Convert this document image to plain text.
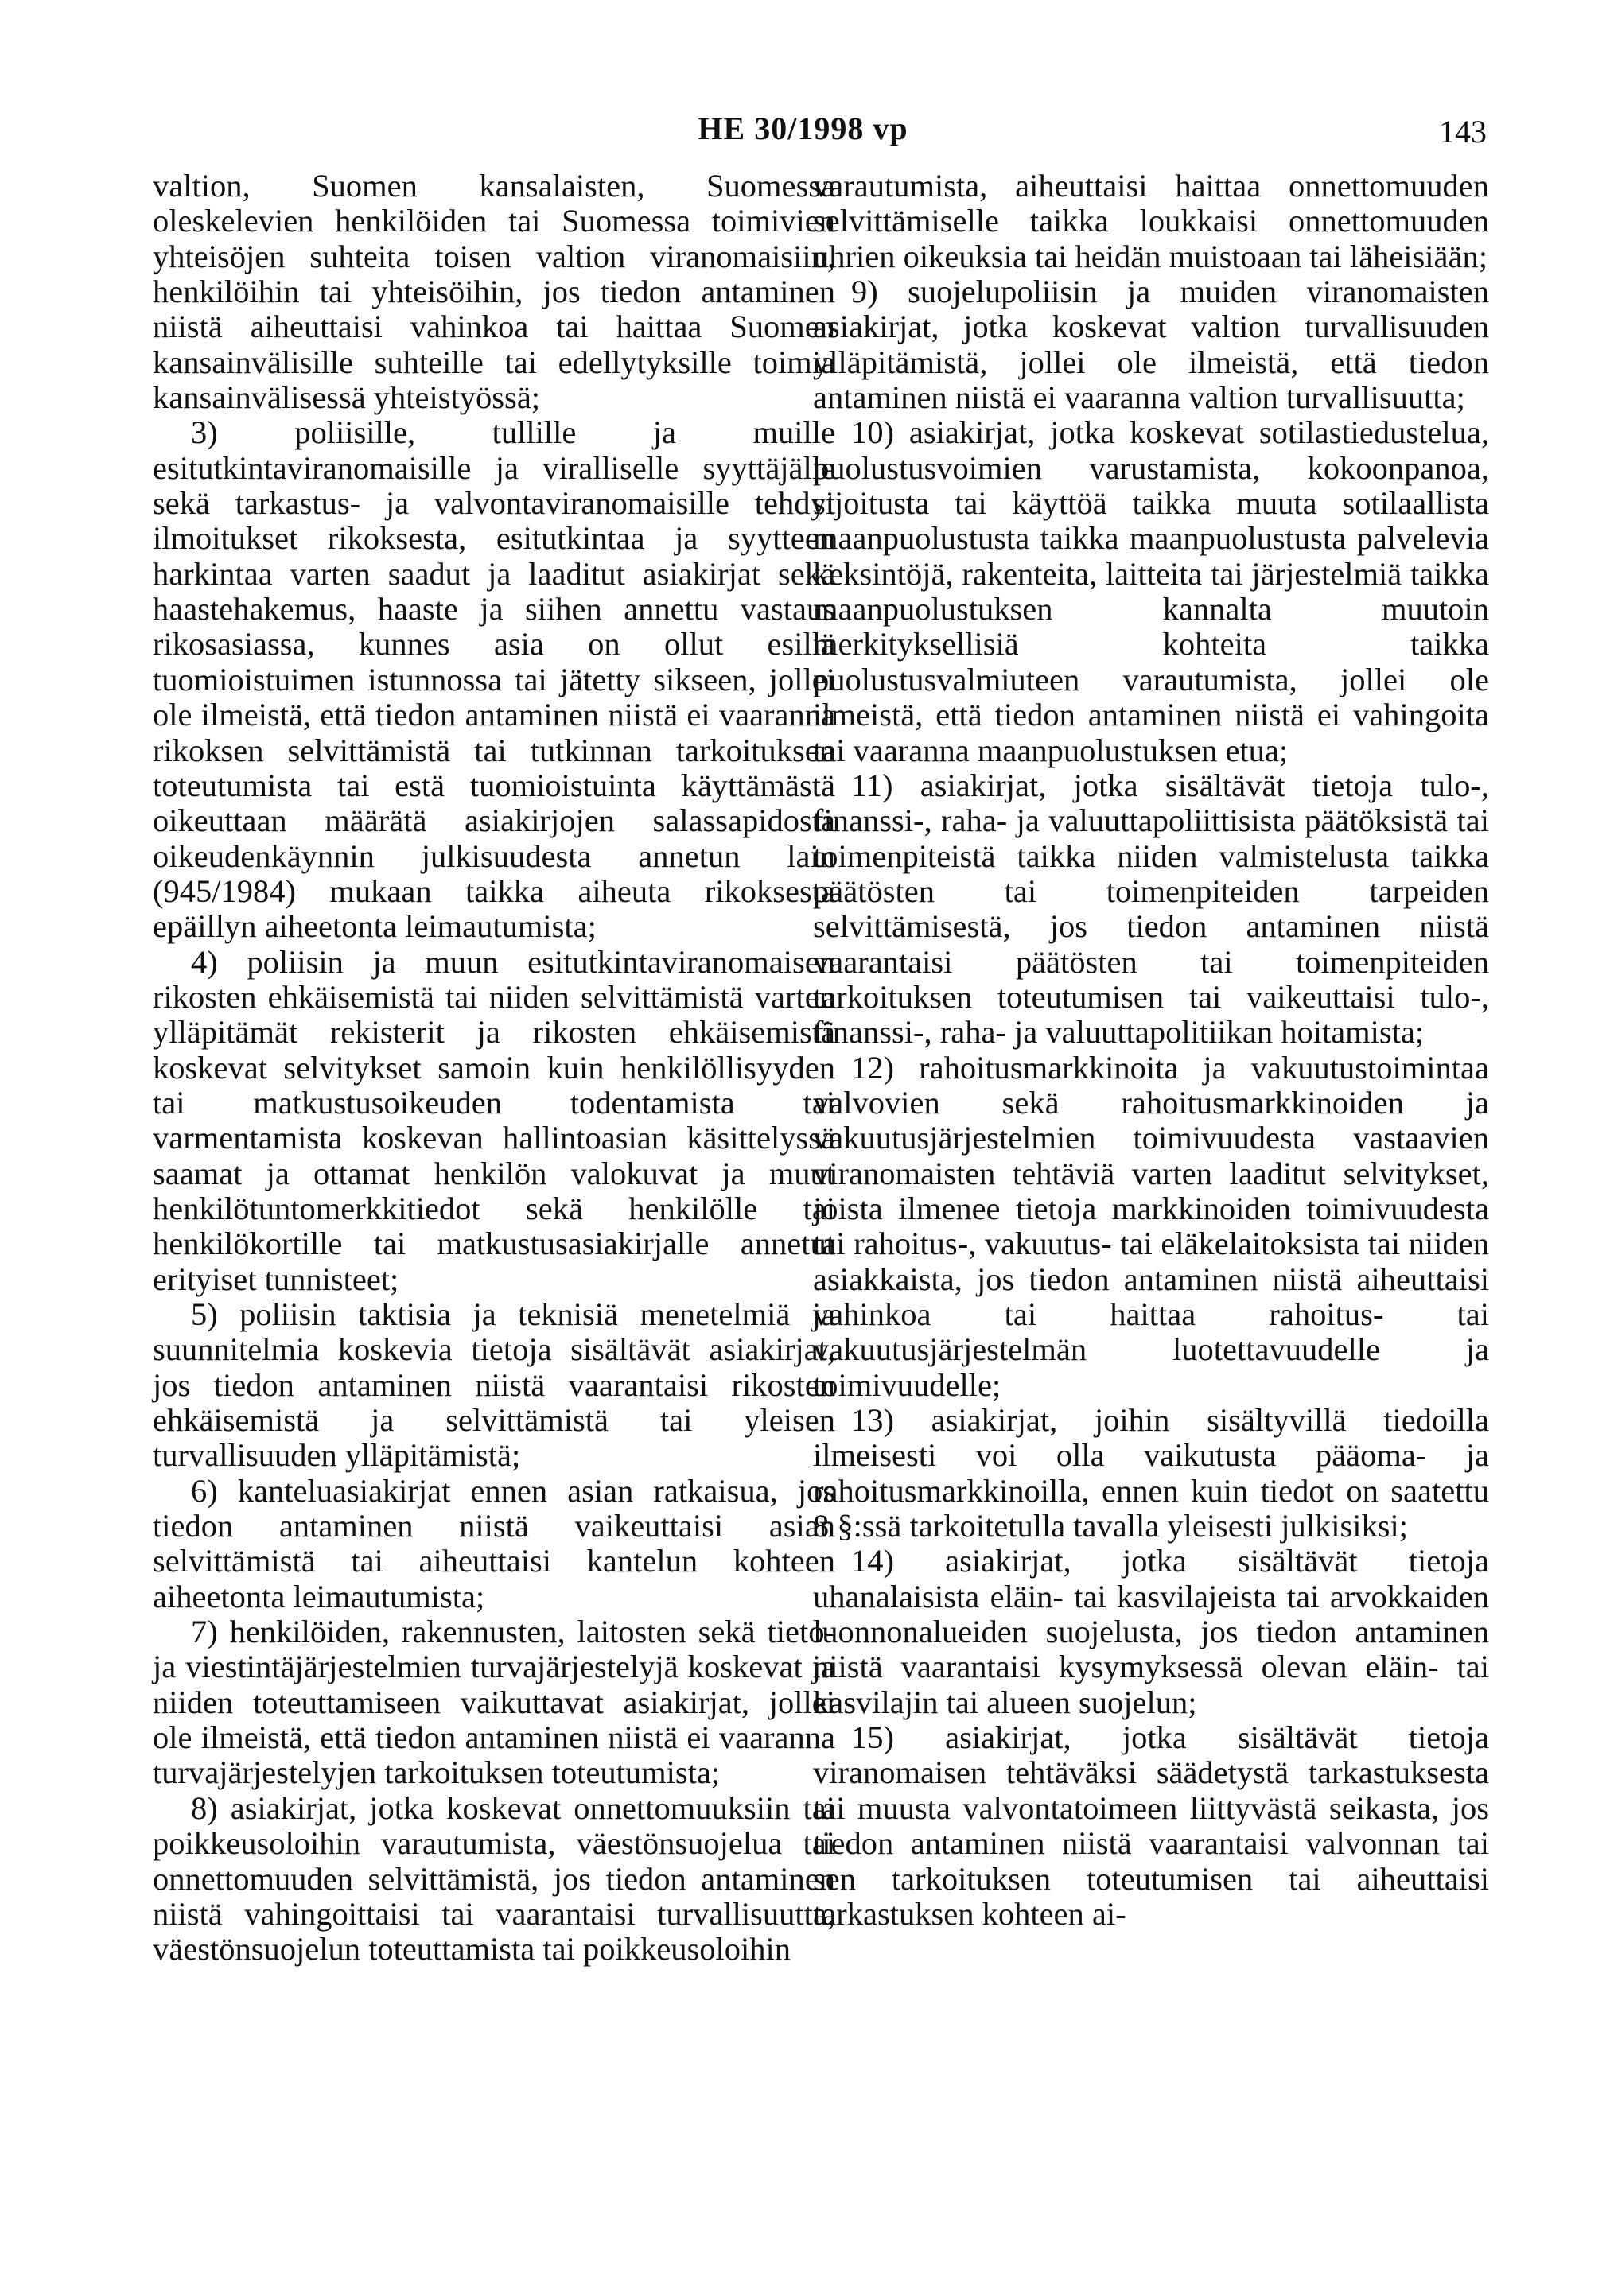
HE 30/1998 vp	143

valtion, Suomen kansalaisten, Suomessa oleskelevien henkilöiden tai Suomessa toimivien yhteisöjen suhteita toisen valtion viranomaisiin, henkilöihin tai yhteisöihin, jos tiedon antaminen niistä aiheuttaisi vahinkoa tai haittaa Suomen kansainvälisille suhteille tai edellytyksille toimia kansainvälisessä yhteistyössä;

3) poliisille, tullille ja muille esitutkintaviranomaisille ja viralliselle syyttäjälle sekä tarkastus- ja valvontaviranomaisille tehdyt ilmoitukset rikoksesta, esitutkintaa ja syytteen harkintaa varten saadut ja laaditut asiakirjat sekä haastehakemus, haaste ja siihen annettu vastaus rikosasiassa, kunnes asia on ollut esillä tuomioistuimen istunnossa tai jätetty sikseen, jollei ole ilmeistä, että tiedon antaminen niistä ei vaaranna rikoksen selvittämistä tai tutkinnan tarkoituksen toteutumista tai estä tuomioistuinta käyttämästä oikeuttaan määrätä asiakirjojen salassapidosta oikeudenkäynnin julkisuudesta annetun lain (945/1984) mukaan taikka aiheuta rikoksesta epäillyn aiheetonta leimautumista;

4) poliisin ja muun esitutkintaviranomaisen rikosten ehkäisemistä tai niiden selvittämistä varten ylläpitämät rekisterit ja rikosten ehkäisemistä koskevat selvitykset samoin kuin henkilöllisyyden tai matkustusoikeuden todentamista tai varmentamista koskevan hallintoasian käsittelyssä saamat ja ottamat henkilön valokuvat ja muut henkilötuntomerkkitiedot sekä henkilölle tai henkilökortille tai matkustusasiakirjalle annetut erityiset tunnisteet;

5) poliisin taktisia ja teknisiä menetelmiä ja suunnitelmia koskevia tietoja sisältävät asiakirjat, jos tiedon antaminen niistä vaarantaisi rikosten ehkäisemistä ja selvittämistä tai yleisen turvallisuuden ylläpitämistä;

6) kanteluasiakirjat ennen asian ratkaisua, jos tiedon antaminen niistä vaikeuttaisi asian selvittämistä tai aiheuttaisi kantelun kohteen aiheetonta leimautumista;

7) henkilöiden, rakennusten, laitosten sekä tieto- ja viestintäjärjestelmien turvajärjestelyjä koskevat ja niiden toteuttamiseen vaikuttavat asiakirjat, jollei ole ilmeistä, että tiedon antaminen niistä ei vaaranna turvajärjestelyjen tarkoituksen toteutumista;

8) asiakirjat, jotka koskevat onnettomuuksiin tai poikkeusoloihin varautumista, väestönsuojelua tai onnettomuuden selvittämistä, jos tiedon antaminen niistä vahingoittaisi tai vaarantaisi turvallisuutta, väestönsuojelun toteuttamista tai poikkeusoloihin

varautumista, aiheuttaisi haittaa onnettomuuden selvittämiselle taikka loukkaisi onnettomuuden uhrien oikeuksia tai heidän muistoaan tai läheisiään;

9) suojelupoliisin ja muiden viranomaisten asiakirjat, jotka koskevat valtion turvallisuuden ylläpitämistä, jollei ole ilmeistä, että tiedon antaminen niistä ei vaaranna valtion turvallisuutta;

10) asiakirjat, jotka koskevat sotilastiedustelua, puolustusvoimien varustamista, kokoonpanoa, sijoitusta tai käyttöä taikka muuta sotilaallista maanpuolustusta taikka maanpuolustusta palvelevia keksintöjä, rakenteita, laitteita tai järjestelmiä taikka maanpuolustuksen kannalta muutoin merkityksellisiä kohteita taikka puolustusvalmiuteen varautumista, jollei ole ilmeistä, että tiedon antaminen niistä ei vahingoita tai vaaranna maanpuolustuksen etua;

11) asiakirjat, jotka sisältävät tietoja tulo-, finanssi-, raha- ja valuuttapoliittisista päätöksistä tai toimenpiteistä taikka niiden valmistelusta taikka päätösten tai toimenpiteiden tarpeiden selvittämisestä, jos tiedon antaminen niistä vaarantaisi päätösten tai toimenpiteiden tarkoituksen toteutumisen tai vaikeuttaisi tulo-, finanssi-, raha- ja valuuttapolitiikan hoitamista;

12) rahoitusmarkkinoita ja vakuutustoimintaa valvovien sekä rahoitusmarkkinoiden ja vakuutusjärjestelmien toimivuudesta vastaavien viranomaisten tehtäviä varten laaditut selvitykset, joista ilmenee tietoja markkinoiden toimivuudesta tai rahoitus-, vakuutus- tai eläkelaitoksista tai niiden asiakkaista, jos tiedon antaminen niistä aiheuttaisi vahinkoa tai haittaa rahoitus- tai vakuutusjärjestelmän luotettavuudelle ja toimivuudelle;

13) asiakirjat, joihin sisältyvillä tiedoilla ilmeisesti voi olla vaikutusta pääoma- ja rahoitusmarkkinoilla, ennen kuin tiedot on saatettu 8 §:ssä tarkoitetulla tavalla yleisesti julkisiksi;

14) asiakirjat, jotka sisältävät tietoja uhanalaisista eläin- tai kasvilajeista tai arvokkaiden luonnonalueiden suojelusta, jos tiedon antaminen niistä vaarantaisi kysymyksessä olevan eläin- tai kasvilajin tai alueen suojelun;

15) asiakirjat, jotka sisältävät tietoja viranomaisen tehtäväksi säädetystä tarkastuksesta tai muusta valvontatoimeen liittyvästä seikasta, jos tiedon antaminen niistä vaarantaisi valvonnan tai sen tarkoituksen toteutumisen tai aiheuttaisi tarkastuksen kohteen ai-
